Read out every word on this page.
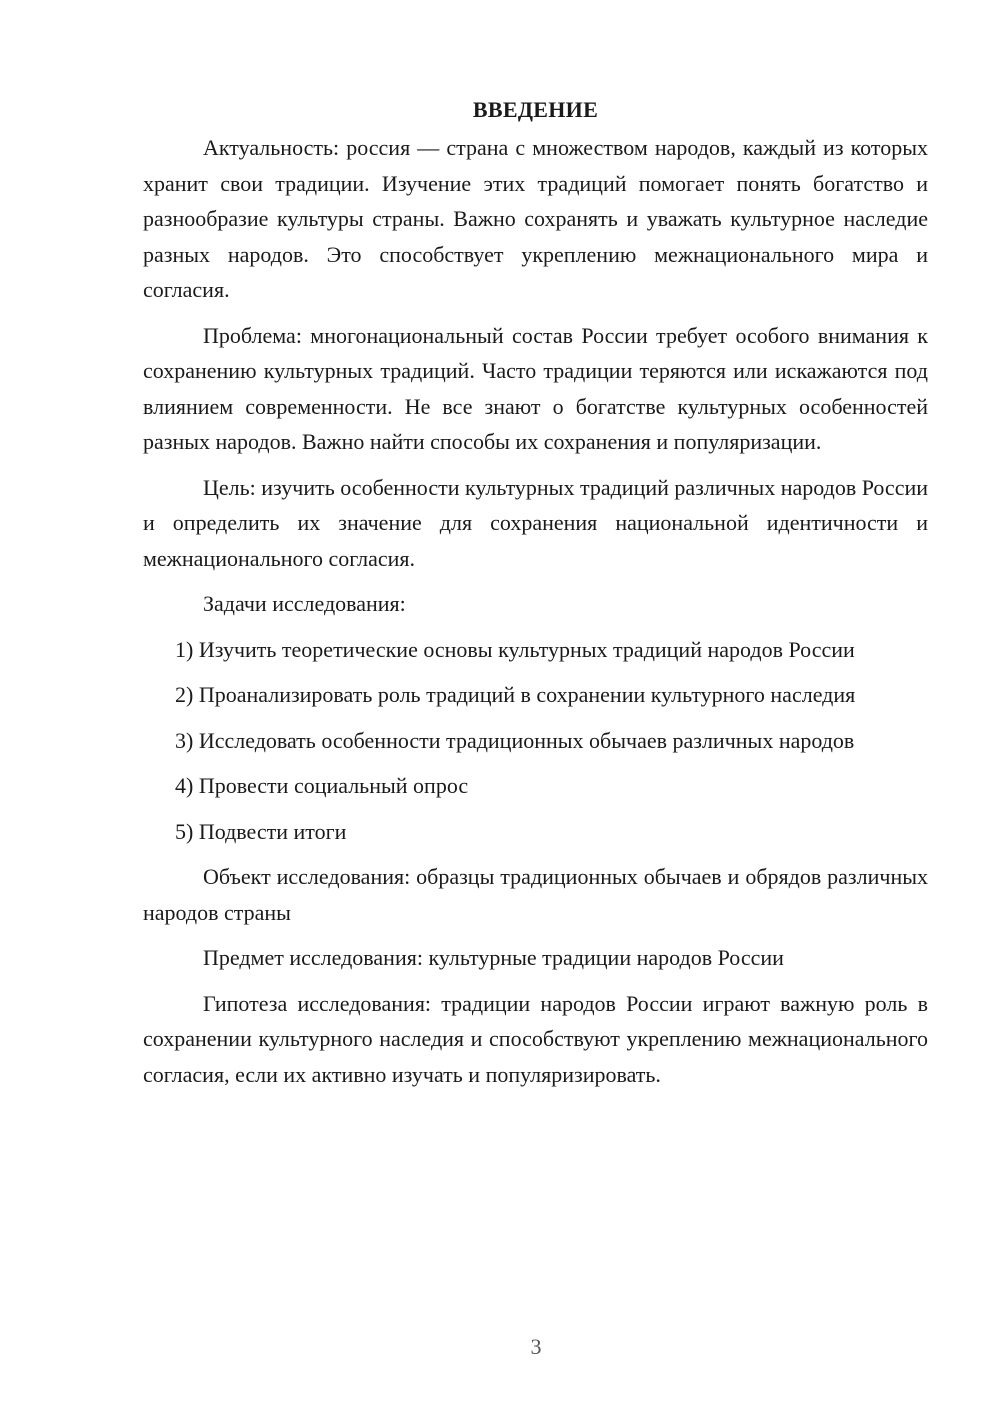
ВВЕДЕНИЕ

Актуальность: россия — страна с множеством народов, каждый из которых хранит свои традиции. Изучение этих традиций помогает понять богатство и разнообразие культуры страны. Важно сохранять и уважать культурное наследие разных народов. Это способствует укреплению межнационального мира и согласия.

Проблема: многонациональный состав России требует особого внимания к сохранению культурных традиций. Часто традиции теряются или искажаются под влиянием современности. Не все знают о богатстве культурных особенностей разных народов. Важно найти способы их сохранения и популяризации.

Цель: изучить особенности культурных традиций различных народов России и определить их значение для сохранения национальной идентичности и межнационального согласия.

Задачи исследования:

1) Изучить теоретические основы культурных традиций народов России

2) Проанализировать роль традиций в сохранении культурного наследия

3) Исследовать особенности традиционных обычаев различных народов

4) Провести социальный опрос

5) Подвести итоги

Объект исследования: образцы традиционных обычаев и обрядов различных народов страны

Предмет исследования: культурные традиции народов России

Гипотеза исследования: традиции народов России играют важную роль в сохранении культурного наследия и способствуют укреплению межнационального согласия, если их активно изучать и популяризировать.

3
